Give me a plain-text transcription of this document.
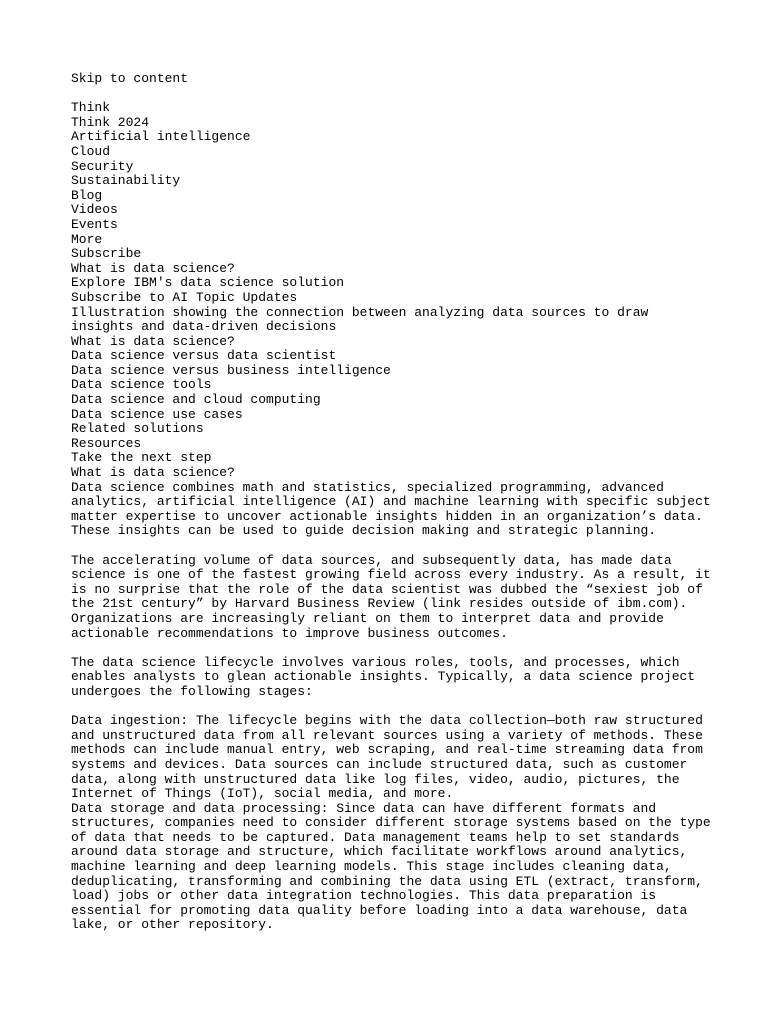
Skip to content
Think
Think 2024
Artificial intelligence
Cloud
Security
Sustainability
Blog
Videos
Events
More
Subscribe
What is data science?
Explore IBM's data science solution
Subscribe to AI Topic Updates
Illustration showing the connection between analyzing data sources to draw insights and data-driven decisions
What is data science?
Data science versus data scientist
Data science versus business intelligence
Data science tools
Data science and cloud computing
Data science use cases
Related solutions
Resources
Take the next step
What is data science?

Data science combines math and statistics, specialized programming, advanced analytics, artificial intelligence (AI) and machine learning with specific subject matter expertise to uncover actionable insights hidden in an organization’s data. These insights can be used to guide decision making and strategic planning.

The accelerating volume of data sources, and subsequently data, has made data science is one of the fastest growing field across every industry. As a result, it is no surprise that the role of the data scientist was dubbed the “sexiest job of the 21st century” by Harvard Business Review (link resides outside of ibm.com). Organizations are increasingly reliant on them to interpret data and provide actionable recommendations to improve business outcomes.

The data science lifecycle involves various roles, tools, and processes, which enables analysts to glean actionable insights. Typically, a data science project undergoes the following stages:

Data ingestion: The lifecycle begins with the data collection—both raw structured and unstructured data from all relevant sources using a variety of methods. These methods can include manual entry, web scraping, and real-time streaming data from systems and devices. Data sources can include structured data, such as customer data, along with unstructured data like log files, video, audio, pictures, the Internet of Things (IoT), social media, and more.

Data storage and data processing: Since data can have different formats and structures, companies need to consider different storage systems based on the type of data that needs to be captured. Data management teams help to set standards around data storage and structure, which facilitate workflows around analytics, machine learning and deep learning models. This stage includes cleaning data, deduplicating, transforming and combining the data using ETL (extract, transform, load) jobs or other data integration technologies. This data preparation is essential for promoting data quality before loading into a data warehouse, data lake, or other repository.
